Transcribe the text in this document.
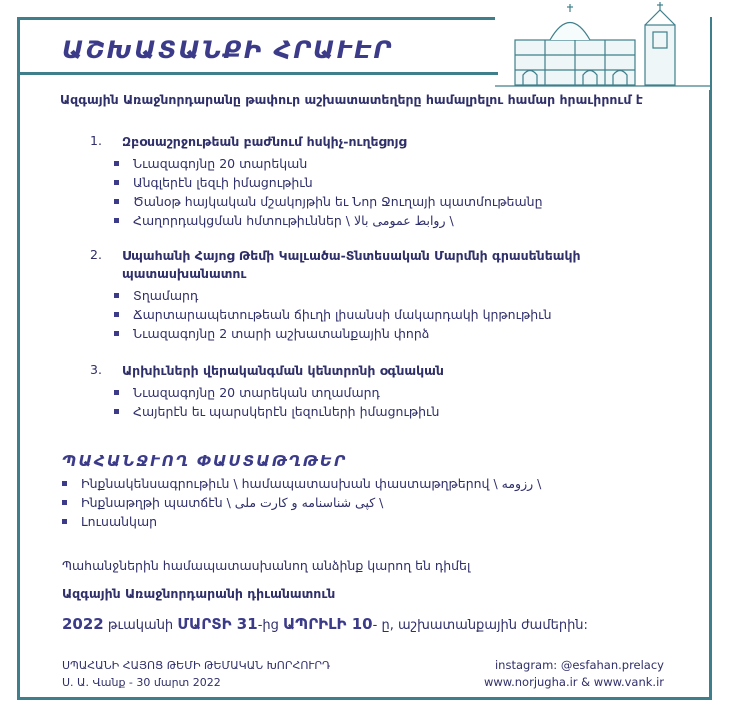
ԱՇԽԱՏԱՆՔԻ ՀՐԱՒԷՐ
Ազգային Առաջնորդարանը թափուր աշխատատեղերը համալրելու համար հրաւիրում է
1.	Զբօսաշրջութեան բաժնում հսկիչ-ուղեցոյց
Նւազագոյնը 20 տարեկան
Անգլերէն լեզւի իմացութիւն
Ծանօթ հայկական մշակոյթին եւ Նոր Ջուղայի պատմութեանը
Հաղորդակցման հմտութիւններ \ روابط عمومی بالا \
2.	Սպահանի Հայոց Թեմի Կալւածա-Տնտեսական Մարմնի գրասենեակի պատասխանատու
Տղամարդ
Ճարտարապետութեան ճիւղի լիսանսի մակարդակի կրթութիւն
Նւազագոյնը 2 տարի աշխատանքային փորձ
3.	Արխիւների վերականգման կենտրոնի օգնական
Նւազագոյնը 20 տարեկան տղամարդ
Հայերէն եւ պարսկերէն լեզուների իմացութիւն
ՊԱՀԱՆՋՒՈՂ ՓԱՍՏԱԹՂԹԵՐ
Ինքնակենսագրութիւն \ համապատասխան փաստաթղթերով \ رزومه \
Ինքնաթղթի պատճէն \ کپی شناسنامه و کارت ملی \
Լուսանկար
Պահանջներին համապատասխանող անձինք կարող են դիմել
Ազգային Առաջնորդարանի դիւանատուն
2022 թւականի ՄԱՐՏԻ 31-ից ԱՊՐԻԼԻ 10- ը, աշխատանքային ժամերին:
ՍՊԱՀԱՆԻ ՀԱՅՈՑ ԹԵՄԻ ԹԵՄԱԿԱՆ ԽՈՐՀՈՒՐԴ
Ս. Ա. Վանք - 30 մարտ 2022
instagram: @esfahan.prelacy
www.norjugha.ir & www.vank.ir
